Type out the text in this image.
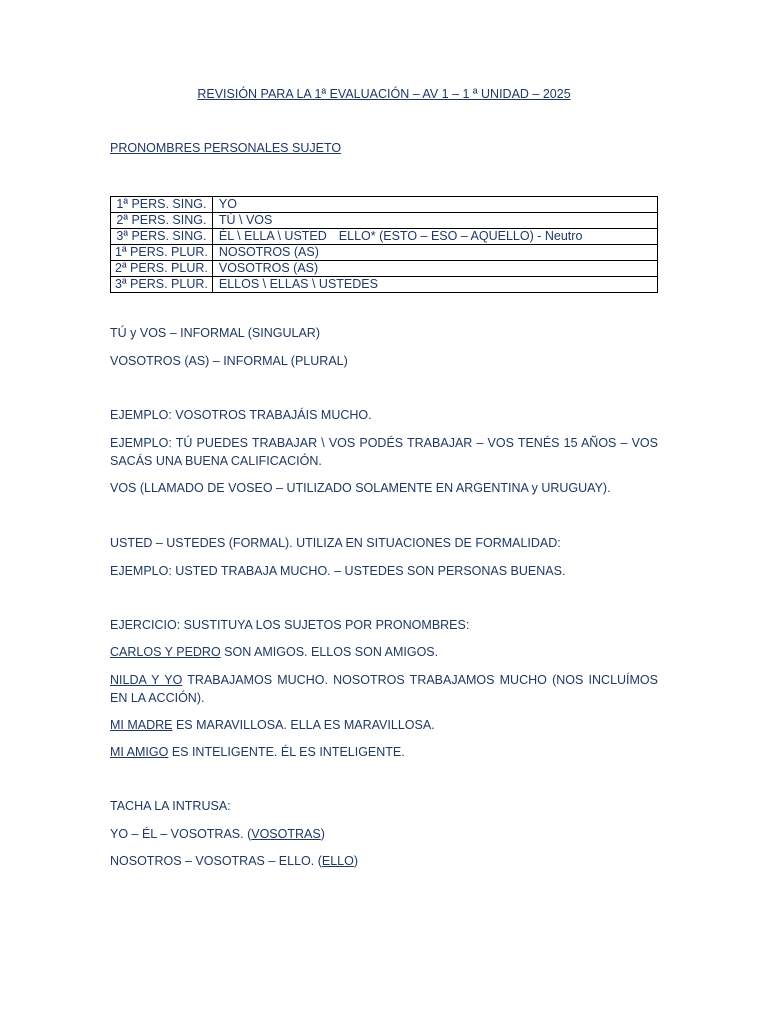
REVISIÓN PARA LA 1ª EVALUACIÓN – AV 1 – 1 ª UNIDAD – 2025
PRONOMBRES PERSONALES SUJETO
1ª PERS. SING.	YO
2ª PERS. SING.	TÚ \ VOS
3ª PERS. SING.	ÉL \ ELLA \ USTED ELLO* (ESTO – ESO – AQUELLO) - Neutro
1ª PERS. PLUR.	NOSOTROS (AS)
2ª PERS. PLUR.	VOSOTROS (AS)
3ª PERS. PLUR.	ELLOS \ ELLAS \ USTEDES
TÚ y VOS – INFORMAL (SINGULAR)
VOSOTROS (AS) – INFORMAL (PLURAL)
EJEMPLO: VOSOTROS TRABAJÁIS MUCHO.
EJEMPLO: TÚ PUEDES TRABAJAR \ VOS PODÉS TRABAJAR – VOS TENÉS 15 AÑOS – VOS SACÁS UNA BUENA CALIFICACIÓN.
VOS (LLAMADO DE VOSEO – UTILIZADO SOLAMENTE EN ARGENTINA y URUGUAY).
USTED – USTEDES (FORMAL). UTILIZA EN SITUACIONES DE FORMALIDAD:
EJEMPLO: USTED TRABAJA MUCHO. – USTEDES SON PERSONAS BUENAS.
EJERCICIO: SUSTITUYA LOS SUJETOS POR PRONOMBRES:
CARLOS Y PEDRO SON AMIGOS. ELLOS SON AMIGOS.
NILDA Y YO TRABAJAMOS MUCHO. NOSOTROS TRABAJAMOS MUCHO (NOS INCLUÍMOS EN LA ACCIÓN).
MI MADRE ES MARAVILLOSA. ELLA ES MARAVILLOSA.
MI AMIGO ES INTELIGENTE. ÉL ES INTELIGENTE.
TACHA LA INTRUSA:
YO – ÉL – VOSOTRAS. (VOSOTRAS)
NOSOTROS – VOSOTRAS – ELLO. (ELLO)
